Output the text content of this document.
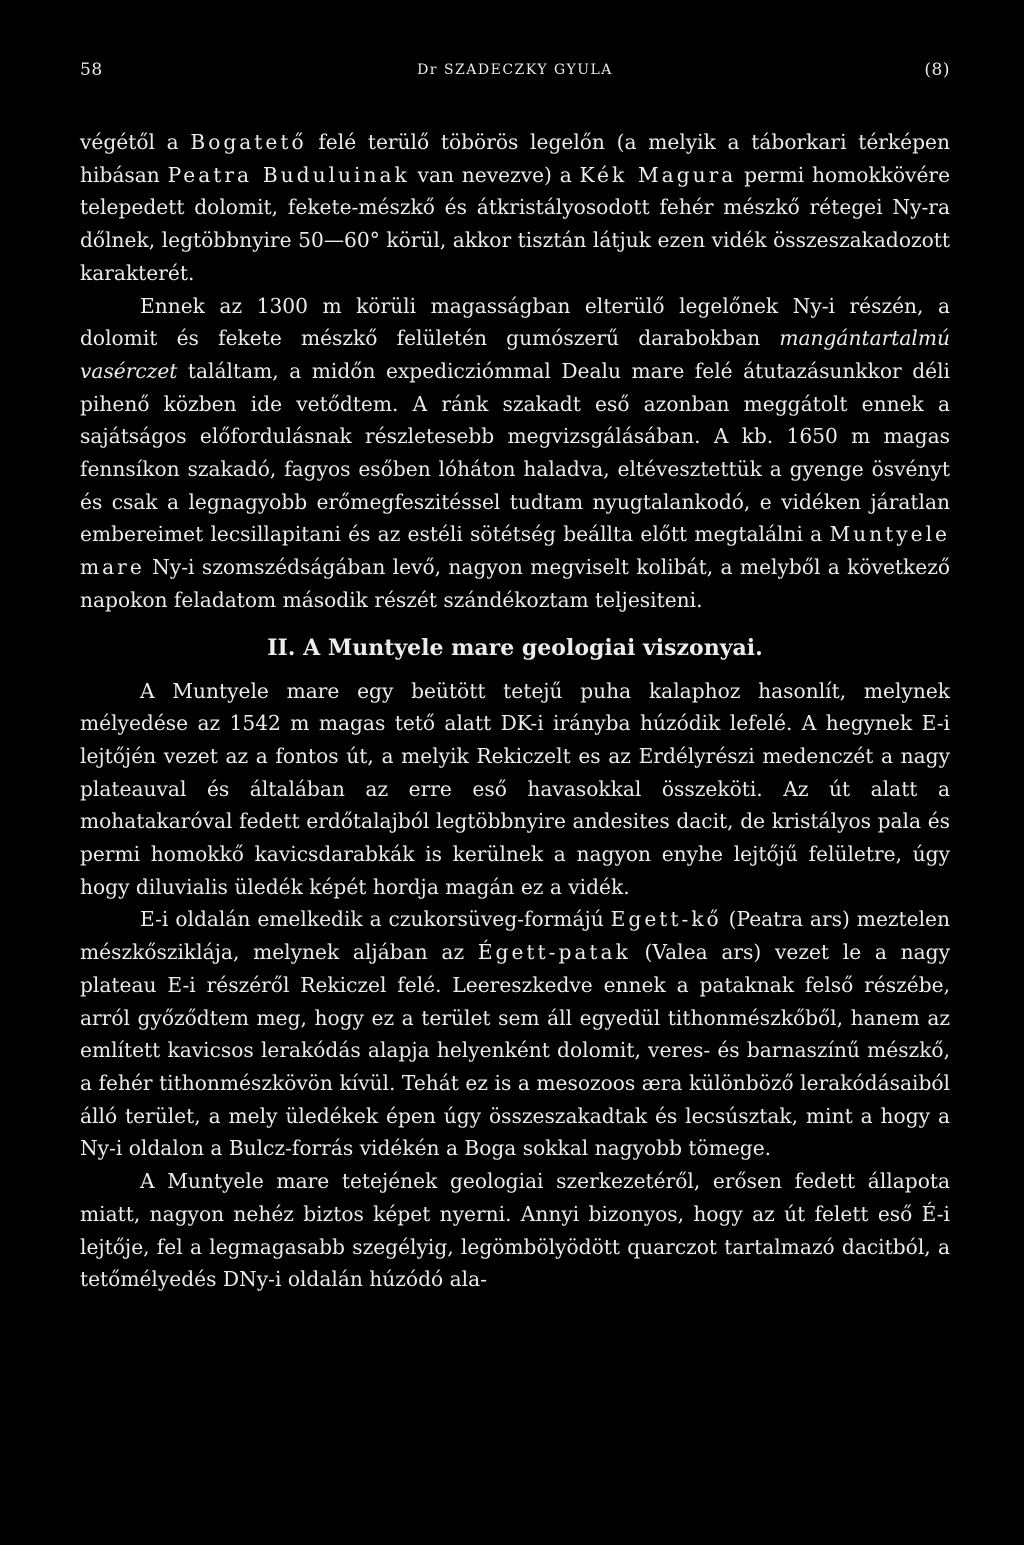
58	Dr SZADECZKY GYULA	(8)

végétől a Bogatető felé terülő töbörös legelőn (a melyik a táborkari térképen hibásan Peatra Buduluinak van nevezve) a Kék Magura permi homokkövére telepedett dolomit, fekete-mészkő és átkristályosodott fehér mészkő rétegei Ny-ra dőlnek, legtöbbnyire 50—60° körül, akkor tisztán látjuk ezen vidék összeszakadozott karakterét.

Ennek az 1300 m körüli magasságban elterülő legelőnek Ny-i részén, a dolomit és fekete mészkő felületén gumószerű darabokban mangántartalmú vasérczet találtam, a midőn expedicziómmal Dealu mare felé átutazásunkkor déli pihenő közben ide vetődtem. A ránk szakadt eső azonban meggátolt ennek a sajátságos előfordulásnak részletesebb megvizsgálásában. A kb. 1650 m magas fennsíkon szakadó, fagyos esőben lóháton haladva, eltévesztettük a gyenge ösvényt és csak a legnagyobb erőmegfeszitéssel tudtam nyugtalankodó, e vidéken járatlan embereimet lecsillapitani és az estéli sötétség beállta előtt megtalálni a Muntyele mare Ny-i szomszédságában levő, nagyon megviselt kolibát, a melyből a következő napokon feladatom második részét szándékoztam teljesiteni.

II. A Muntyele mare geologiai viszonyai.

A Muntyele mare egy beütött tetejű puha kalaphoz hasonlít, melynek mélyedése az 1542 m magas tető alatt DK-i irányba húzódik lefelé. A hegynek E-i lejtőjén vezet az a fontos út, a melyik Rekiczelt es az Erdélyrészi medenczét a nagy plateauval és általában az erre eső havasokkal összeköti. Az út alatt a mohatakaróval fedett erdőtalajból legtöbbnyire andesites dacit, de kristályos pala és permi homokkő kavicsdarabkák is kerülnek a nagyon enyhe lejtőjű felületre, úgy hogy diluvialis üledék képét hordja magán ez a vidék.

E-i oldalán emelkedik a czukorsüveg-formájú Egett-kő (Peatra ars) meztelen mészkőszikláj​a, melynek aljában az Égett-patak (Valea ars) vezet le a nagy plateau E-i részéről Rekiczel felé. Leereszkedve ennek a pataknak felső részébe, arról győződtem meg, hogy ez a terület sem áll egyedül tithonmészkőből, hanem az említett kavicsos lerakódás alapja helyenként dolomit, veres- és barnaszínű mészkő, a fehér tithonmészkövön kívül. Tehát ez is a mesozoos æra különböző lerakódásaiból álló terület, a mely üledékek épen úgy összeszakadtak és lecsúsztak, mint a hogy a Ny-i oldalon a Bulcz-forrás vidékén a Boga sokkal nagyobb tömege.

A Muntyele mare tetejének geologiai szerkezetéről, erősen fedett állapota miatt, nagyon nehéz biztos képet nyerni. Annyi bizonyos, hogy az út felett eső É-i lejtője, fel a legmagasabb szegélyig, legömbölyödött quarczot tartalmazó dacitból, a tetőmélyedés DNy-i oldalán húzódó ala-
